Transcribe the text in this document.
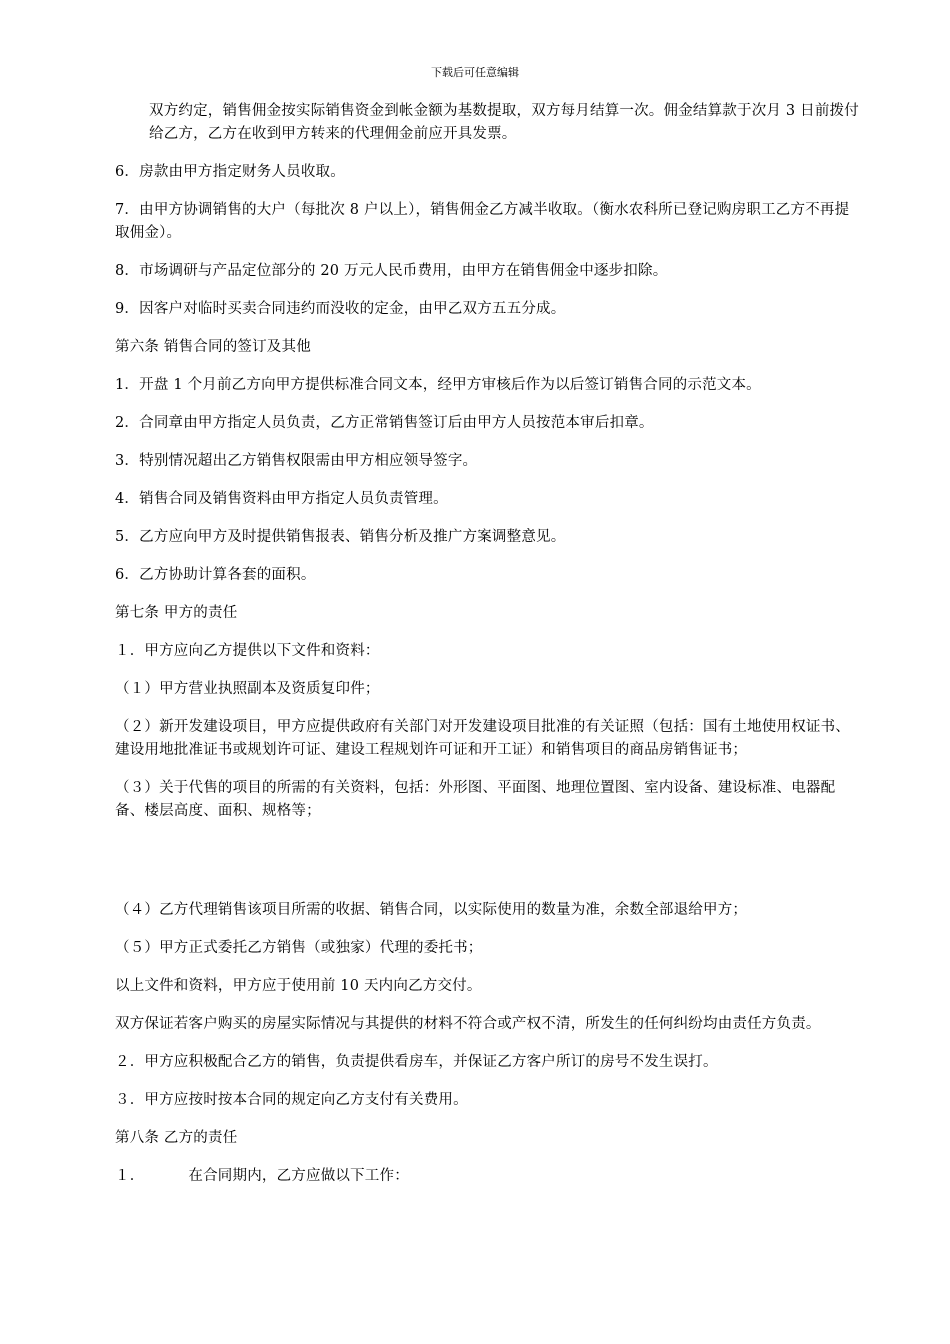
下载后可任意编辑

双方约定，销售佣金按实际销售资金到帐金额为基数提取，双方每月结算一次。佣金结算款于次月 3 日前拨付给乙方，乙方在收到甲方转来的代理佣金前应开具发票。

6．房款由甲方指定财务人员收取。

7．由甲方协调销售的大户（每批次 8 户以上），销售佣金乙方减半收取。（衡水农科所已登记购房职工乙方不再提取佣金）。

8．市场调研与产品定位部分的 20 万元人民币费用，由甲方在销售佣金中逐步扣除。

9．因客户对临时买卖合同违约而没收的定金，由甲乙双方五五分成。

第六条 销售合同的签订及其他

1．开盘 1 个月前乙方向甲方提供标准合同文本，经甲方审核后作为以后签订销售合同的示范文本。

2．合同章由甲方指定人员负责，乙方正常销售签订后由甲方人员按范本审后扣章。

3．特别情况超出乙方销售权限需由甲方相应领导签字。

4．销售合同及销售资料由甲方指定人员负责管理。

5．乙方应向甲方及时提供销售报表、销售分析及推广方案调整意见。

6．乙方协助计算各套的面积。

第七条 甲方的责任

１．甲方应向乙方提供以下文件和资料：

（１）甲方营业执照副本及资质复印件；

（２）新开发建设项目，甲方应提供政府有关部门对开发建设项目批准的有关证照（包括：国有土地使用权证书、建设用地批准证书或规划许可证、建设工程规划许可证和开工证）和销售项目的商品房销售证书；

（３）关于代售的项目的所需的有关资料，包括：外形图、平面图、地理位置图、室内设备、建设标准、电器配备、楼层高度、面积、规格等；

（４）乙方代理销售该项目所需的收据、销售合同，以实际使用的数量为准，余数全部退给甲方；

（５）甲方正式委托乙方销售（或独家）代理的委托书；

以上文件和资料，甲方应于使用前 10 天内向乙方交付。

双方保证若客户购买的房屋实际情况与其提供的材料不符合或产权不清，所发生的任何纠纷均由责任方负责。

２．甲方应积极配合乙方的销售，负责提供看房车，并保证乙方客户所订的房号不发生误打。

３．甲方应按时按本合同的规定向乙方支付有关费用。

第八条 乙方的责任

１．	在合同期内，乙方应做以下工作：
